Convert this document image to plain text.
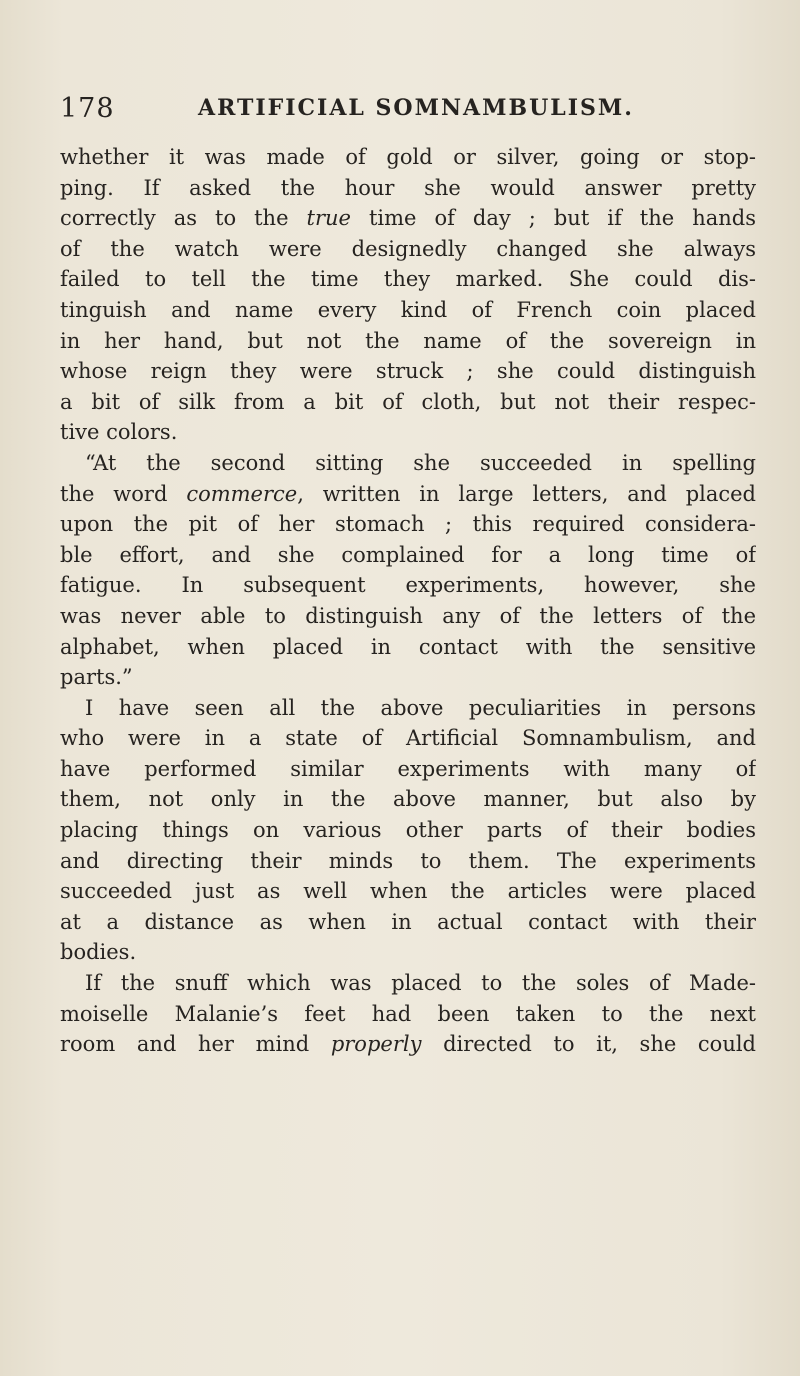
178	ARTIFICIAL SOMNAMBULISM.
whether it was made of gold or silver, going or stop-
ping. If asked the hour she would answer pretty
correctly as to the true time of day ; but if the hands
of the watch were designedly changed she always
failed to tell the time they marked. She could dis-
tinguish and name every kind of French coin placed
in her hand, but not the name of the sovereign in
whose reign they were struck ; she could distinguish
a bit of silk from a bit of cloth, but not their respec-
tive colors.
“At the second sitting she succeeded in spelling
the word commerce, written in large letters, and placed
upon the pit of her stomach ; this required considera-
ble effort, and she complained for a long time of
fatigue. In subsequent experiments, however, she
was never able to distinguish any of the letters of the
alphabet, when placed in contact with the sensitive
parts.”
I have seen all the above peculiarities in persons
who were in a state of Artificial Somnambulism, and
have performed similar experiments with many of
them, not only in the above manner, but also by
placing things on various other parts of their bodies
and directing their minds to them. The experiments
succeeded just as well when the articles were placed
at a distance as when in actual contact with their
bodies.
If the snuff which was placed to the soles of Made-
moiselle Malanie’s feet had been taken to the next
room and her mind properly directed to it, she could
